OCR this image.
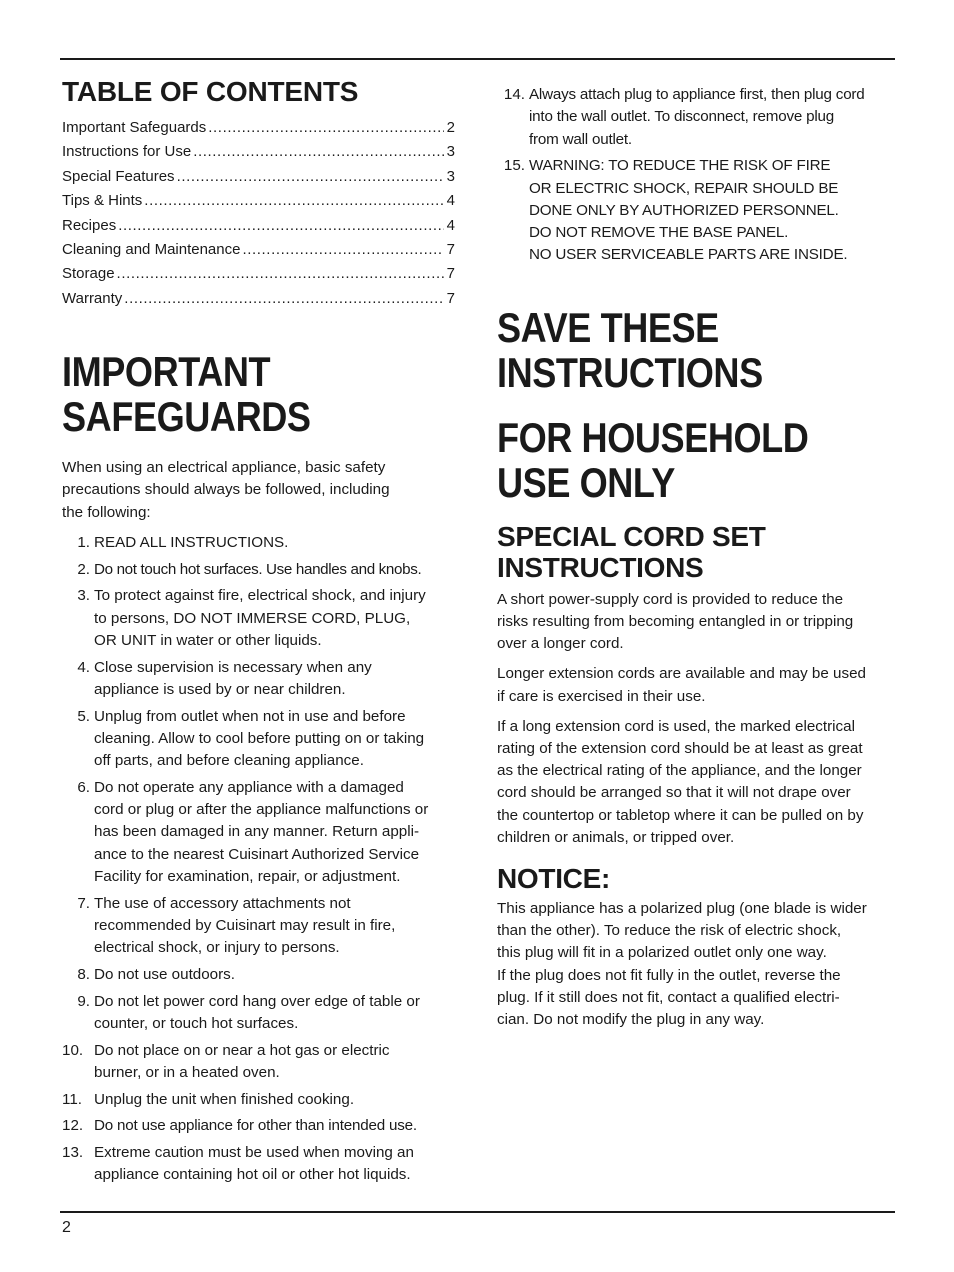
TABLE OF CONTENTS
Important Safeguards .....	2
Instructions for Use .....	3
Special Features .....	3
Tips & Hints .....	4
Recipes .....	4
Cleaning and Maintenance .....	7
Storage .....	7
Warranty .....	7
IMPORTANT
SAFEGUARDS

When using an electrical appliance, basic safety
precautions should always be followed, including
the following:

1. READ ALL INSTRUCTIONS.
2. Do not touch hot surfaces. Use handles and knobs.
3. To protect against fire, electrical shock, and injury
to persons, DO NOT IMMERSE CORD, PLUG,
OR UNIT in water or other liquids.
4. Close supervision is necessary when any
appliance is used by or near children.
5. Unplug from outlet when not in use and before
cleaning. Allow to cool before putting on or taking
off parts, and before cleaning appliance.
6. Do not operate any appliance with a damaged
cord or plug or after the appliance malfunctions or
has been damaged in any manner. Return appli-
ance to the nearest Cuisinart Authorized Service
Facility for examination, repair, or adjustment.
7. The use of accessory attachments not
recommended by Cuisinart may result in fire,
electrical shock, or injury to persons.
8. Do not use outdoors.
9. Do not let power cord hang over edge of table or
counter, or touch hot surfaces.
10. Do not place on or near a hot gas or electric
burner, or in a heated oven.
11. Unplug the unit when finished cooking.
12. Do not use appliance for other than intended use.
13. Extreme caution must be used when moving an
appliance containing hot oil or other hot liquids.
14. Always attach plug to appliance first, then plug cord
into the wall outlet. To disconnect, remove plug
from wall outlet.
15. WARNING: TO REDUCE THE RISK OF FIRE
OR ELECTRIC SHOCK, REPAIR SHOULD BE
DONE ONLY BY AUTHORIZED PERSONNEL.
DO NOT REMOVE THE BASE PANEL.
NO USER SERVICEABLE PARTS ARE INSIDE.
SAVE THESE
INSTRUCTIONS
FOR HOUSEHOLD
USE ONLY
SPECIAL CORD SET
INSTRUCTIONS

A short power-supply cord is provided to reduce the
risks resulting from becoming entangled in or tripping
over a longer cord.

Longer extension cords are available and may be used
if care is exercised in their use.

If a long extension cord is used, the marked electrical
rating of the extension cord should be at least as great
as the electrical rating of the appliance, and the longer
cord should be arranged so that it will not drape over
the countertop or tabletop where it can be pulled on by
children or animals, or tripped over.

NOTICE:

This appliance has a polarized plug (one blade is wider
than the other). To reduce the risk of electric shock,
this plug will fit in a polarized outlet only one way.
If the plug does not fit fully in the outlet, reverse the
plug. If it still does not fit, contact a qualified electri-
cian. Do not modify the plug in any way.

2
